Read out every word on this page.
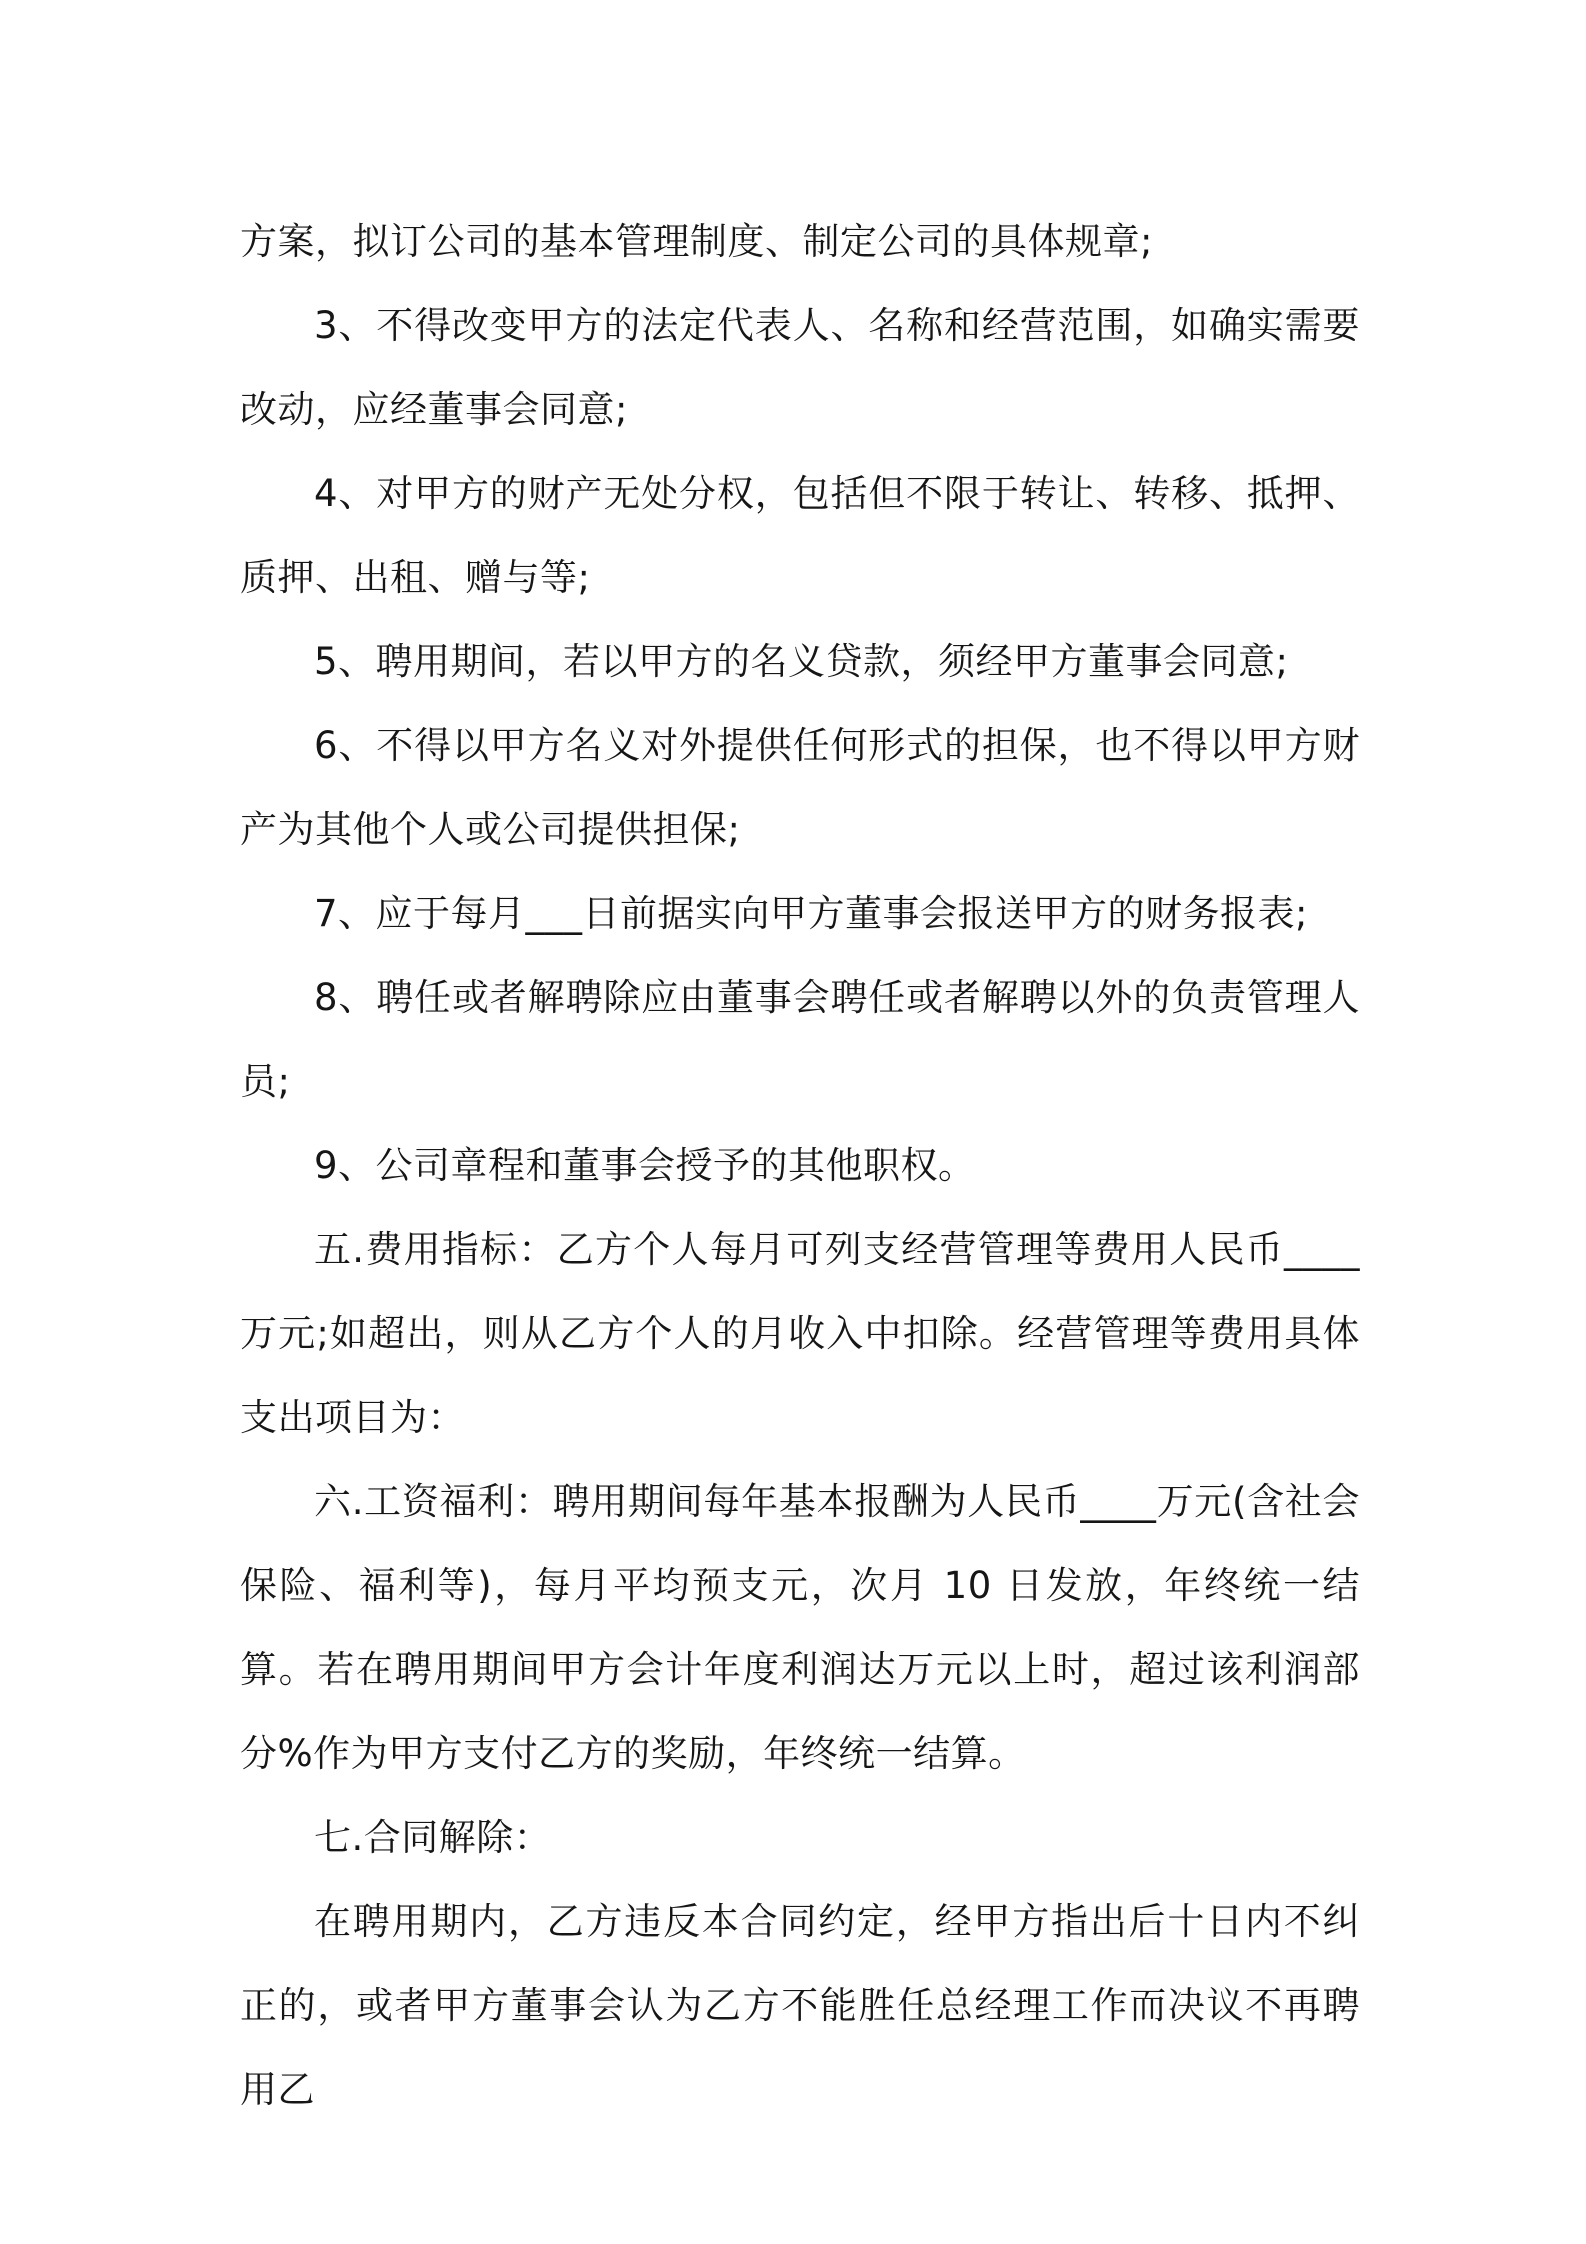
方案，拟订公司的基本管理制度、制定公司的具体规章;

3、不得改变甲方的法定代表人、名称和经营范围，如确实需要改动，应经董事会同意;

4、对甲方的财产无处分权，包括但不限于转让、转移、抵押、质押、出租、赠与等;

5、聘用期间，若以甲方的名义贷款，须经甲方董事会同意;

6、不得以甲方名义对外提供任何形式的担保，也不得以甲方财产为其他个人或公司提供担保;

7、应于每月___日前据实向甲方董事会报送甲方的财务报表;

8、聘任或者解聘除应由董事会聘任或者解聘以外的负责管理人员;

9、公司章程和董事会授予的其他职权。

五.费用指标：乙方个人每月可列支经营管理等费用人民币____万元;如超出，则从乙方个人的月收入中扣除。经营管理等费用具体支出项目为：

六.工资福利：聘用期间每年基本报酬为人民币____万元(含社会保险、福利等)，每月平均预支元，次月 10 日发放，年终统一结算。若在聘用期间甲方会计年度利润达万元以上时，超过该利润部分%作为甲方支付乙方的奖励，年终统一结算。

七.合同解除：

在聘用期内，乙方违反本合同约定，经甲方指出后十日内不纠正的，或者甲方董事会认为乙方不能胜任总经理工作而决议不再聘用乙
